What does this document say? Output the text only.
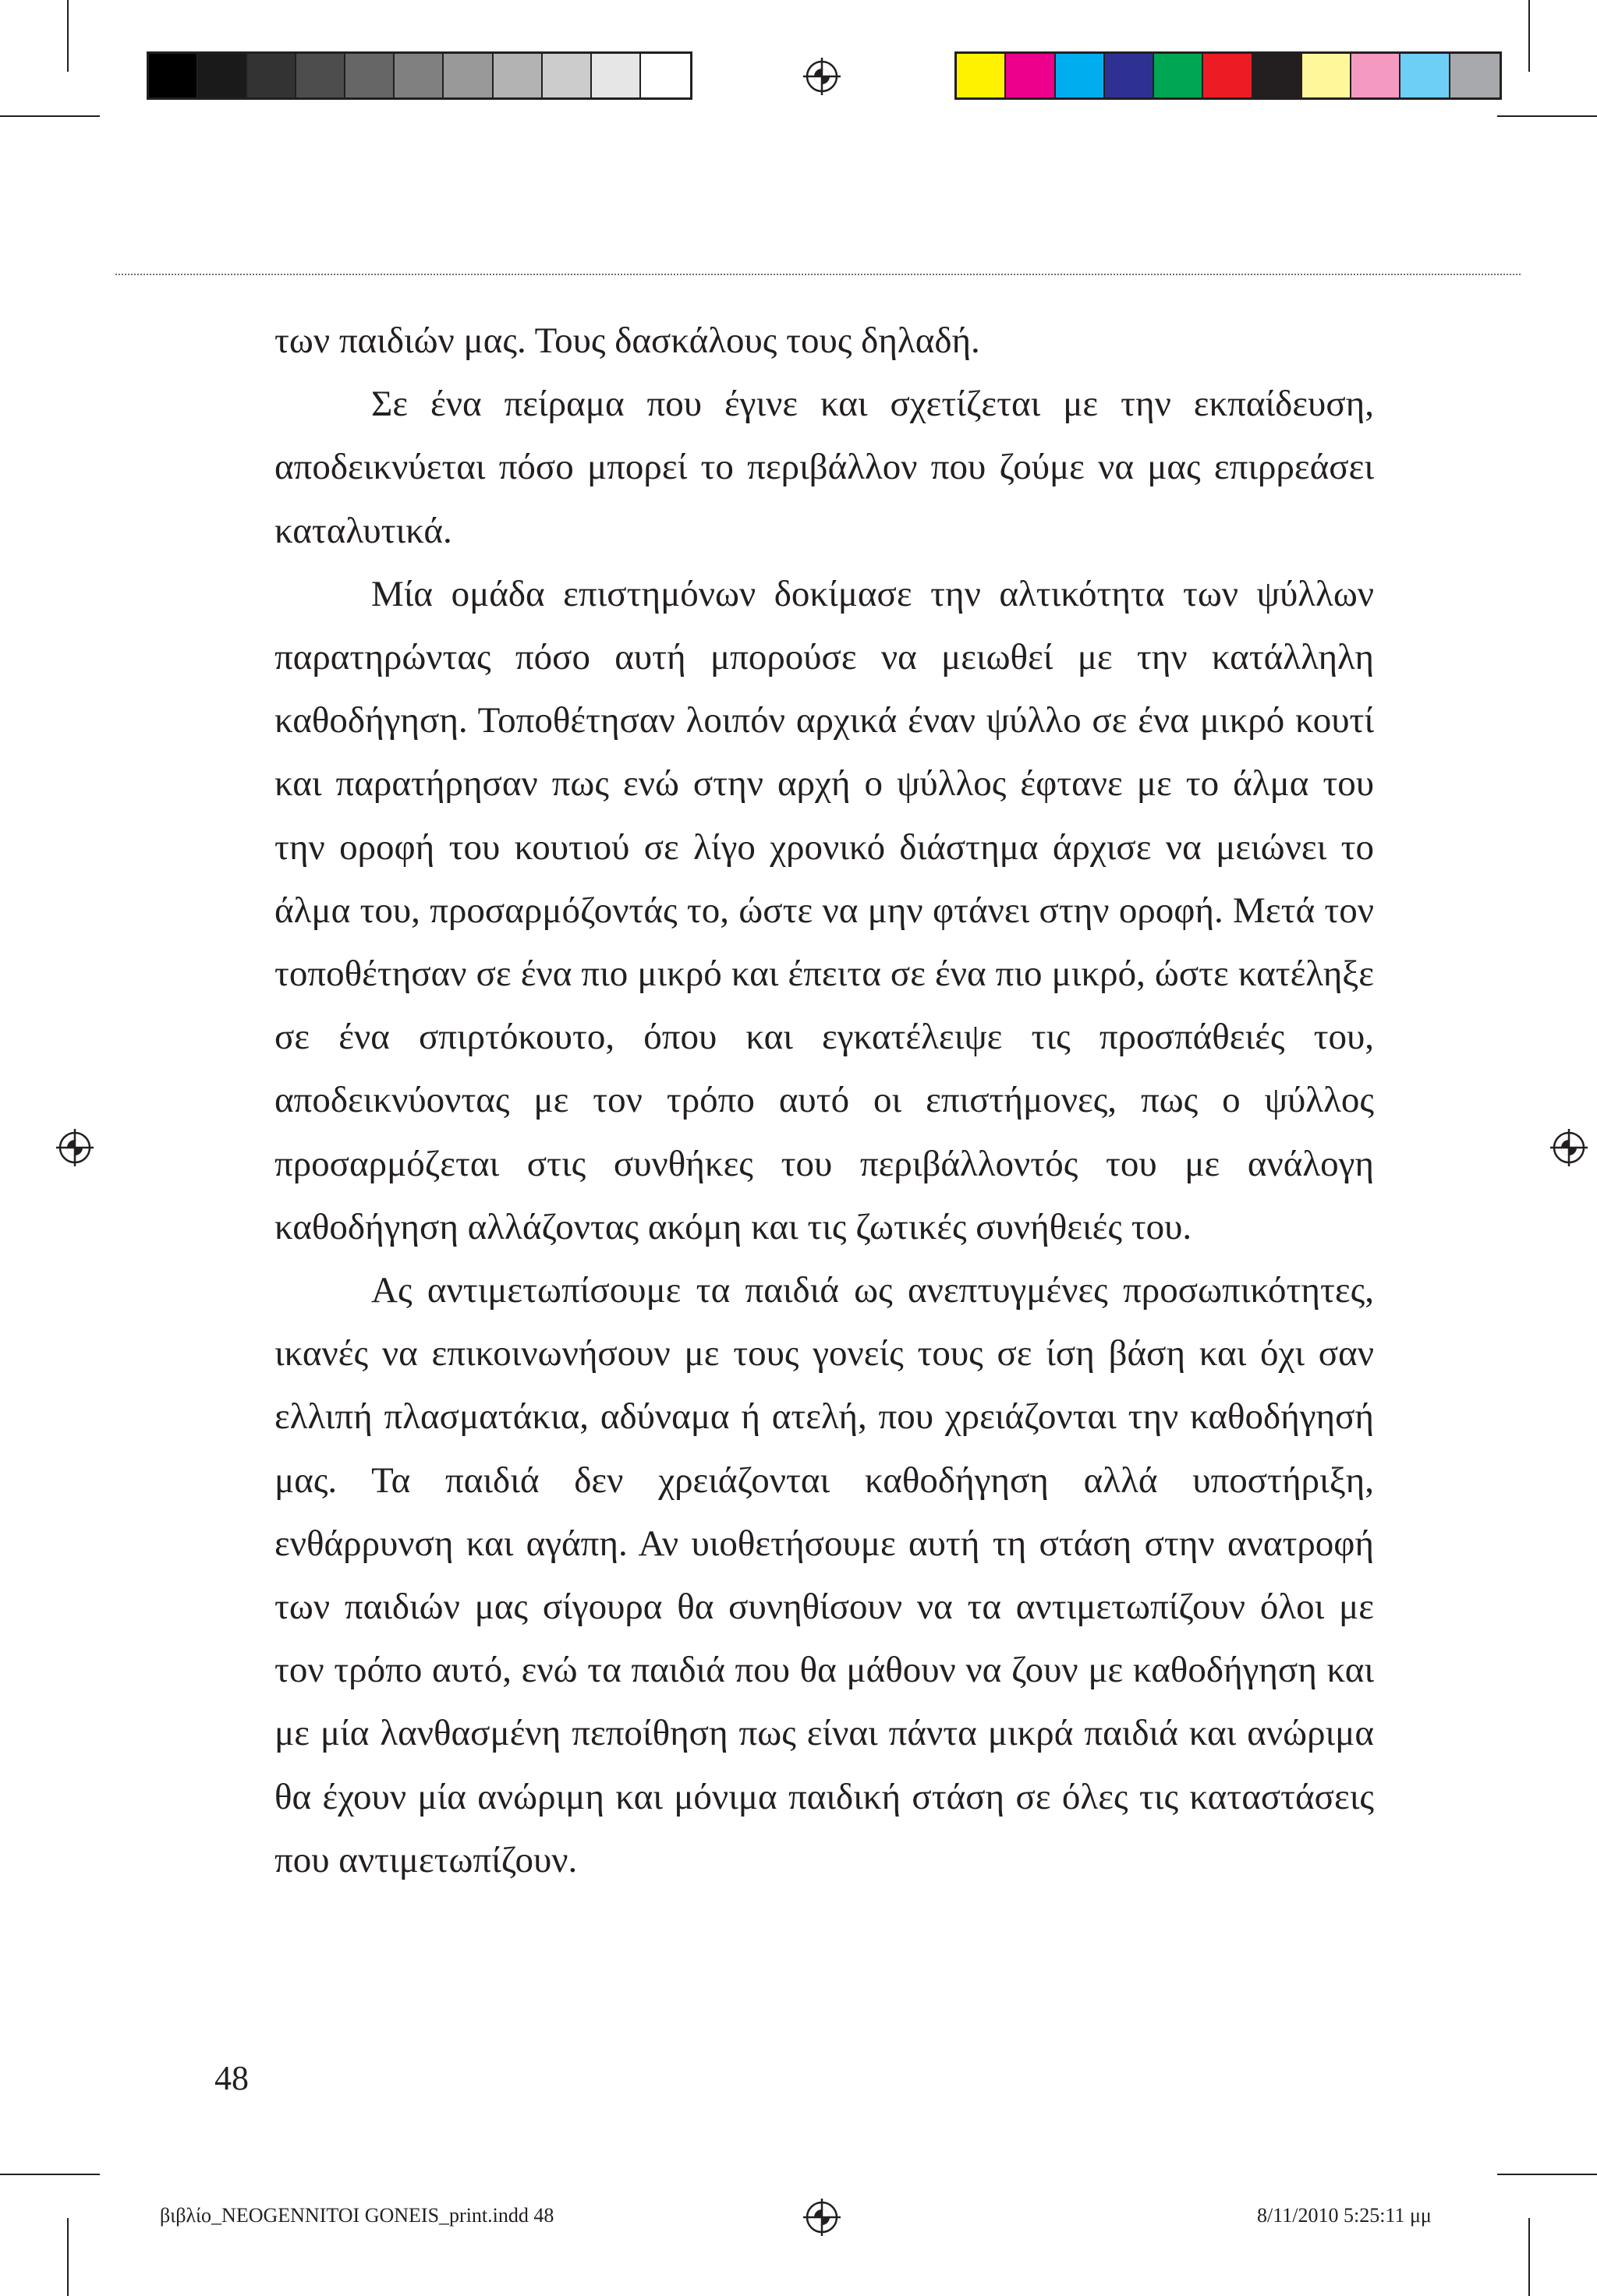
των παιδιών μας. Τους δασκάλους τους δηλαδή.

Σε ένα πείραμα που έγινε και σχετίζεται με την εκπαίδευση, αποδεικνύεται πόσο μπορεί το περιβάλλον που ζούμε να μας επιρρεάσει καταλυτικά.

Μία ομάδα επιστημόνων δοκίμασε την αλτικότητα των ψύλλων παρατηρώντας πόσο αυτή μπορούσε να μειωθεί με την κατάλληλη καθοδήγηση. Τοποθέτησαν λοιπόν αρχικά έναν ψύλλο σε ένα μικρό κουτί και παρατήρησαν πως ενώ στην αρχή ο ψύλλος έφτανε με το άλμα του την οροφή του κουτιού σε λίγο χρονικό διάστημα άρχισε να μειώνει το άλμα του, προσαρμόζοντάς το, ώστε να μην φτάνει στην οροφή. Μετά τον τοποθέτησαν σε ένα πιο μικρό και έπειτα σε ένα πιο μικρό, ώστε κατέληξε σε ένα σπιρτόκουτο, όπου και εγκατέλειψε τις προσπάθειές του, αποδεικνύοντας με τον τρόπο αυτό οι επιστήμονες, πως ο ψύλλος προσαρμόζεται στις συνθήκες του περιβάλλοντός του με ανάλογη καθοδήγηση αλλάζοντας ακόμη και τις ζωτικές συνήθειές του.

Ας αντιμετωπίσουμε τα παιδιά ως ανεπτυγμένες προσωπικότητες, ικανές να επικοινωνήσουν με τους γονείς τους σε ίση βάση και όχι σαν ελλιπή πλασματάκια, αδύναμα ή ατελή, που χρειάζονται την καθοδήγησή μας. Τα παιδιά δεν χρειάζονται καθοδήγηση αλλά υποστήριξη, ενθάρρυνση και αγάπη. Αν υιοθετήσουμε αυτή τη στάση στην ανατροφή των παιδιών μας σίγουρα θα συνηθίσουν να τα αντιμετωπίζουν όλοι με τον τρόπο αυτό, ενώ τα παιδιά που θα μάθουν να ζουν με καθοδήγηση και με μία λανθασμένη πεποίθηση πως είναι πάντα μικρά παιδιά και ανώριμα θα έχουν μία ανώριμη και μόνιμα παιδική στάση σε όλες τις καταστάσεις που αντιμετωπίζουν.

48
βιβλίο_NEOGENNITOI GONEIS_print.indd 48	8/11/2010 5:25:11 μμ
